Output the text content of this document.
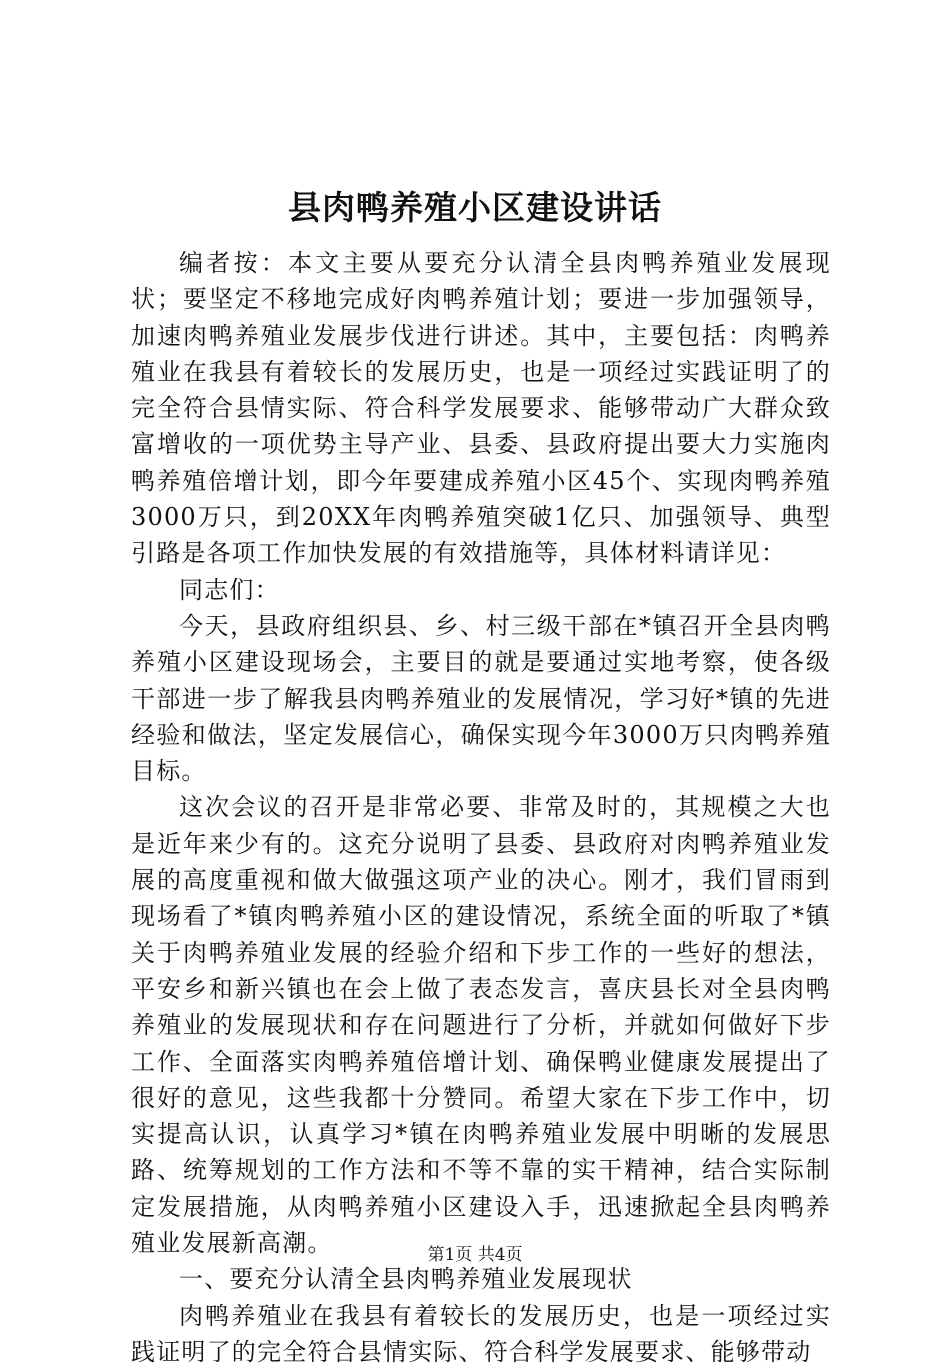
县肉鸭养殖小区建设讲话

编者按：本文主要从要充分认清全县肉鸭养殖业发展现状；要坚定不移地完成好肉鸭养殖计划；要进一步加强领导，加速肉鸭养殖业发展步伐进行讲述。其中，主要包括：肉鸭养殖业在我县有着较长的发展历史，也是一项经过实践证明了的完全符合县情实际、符合科学发展要求、能够带动广大群众致富增收的一项优势主导产业、县委、县政府提出要大力实施肉鸭养殖倍增计划，即今年要建成养殖小区45个、实现肉鸭养殖3000万只，到20XX年肉鸭养殖突破1亿只、加强领导、典型引路是各项工作加快发展的有效措施等，具体材料请详见：

同志们：

今天，县政府组织县、乡、村三级干部在*镇召开全县肉鸭养殖小区建设现场会，主要目的就是要通过实地考察，使各级干部进一步了解我县肉鸭养殖业的发展情况，学习好*镇的先进经验和做法，坚定发展信心，确保实现今年3000万只肉鸭养殖目标。

这次会议的召开是非常必要、非常及时的，其规模之大也是近年来少有的。这充分说明了县委、县政府对肉鸭养殖业发展的高度重视和做大做强这项产业的决心。刚才，我们冒雨到现场看了*镇肉鸭养殖小区的建设情况，系统全面的听取了*镇关于肉鸭养殖业发展的经验介绍和下步工作的一些好的想法，平安乡和新兴镇也在会上做了表态发言，喜庆县长对全县肉鸭养殖业的发展现状和存在问题进行了分析，并就如何做好下步工作、全面落实肉鸭养殖倍增计划、确保鸭业健康发展提出了很好的意见，这些我都十分赞同。希望大家在下步工作中，切实提高认识，认真学习*镇在肉鸭养殖业发展中明晰的发展思路、统筹规划的工作方法和不等不靠的实干精神，结合实际制定发展措施，从肉鸭养殖小区建设入手，迅速掀起全县肉鸭养殖业发展新高潮。

一、要充分认清全县肉鸭养殖业发展现状

肉鸭养殖业在我县有着较长的发展历史，也是一项经过实践证明了的完全符合县情实际、符合科学发展要求、能够带动

第1页 共4页
